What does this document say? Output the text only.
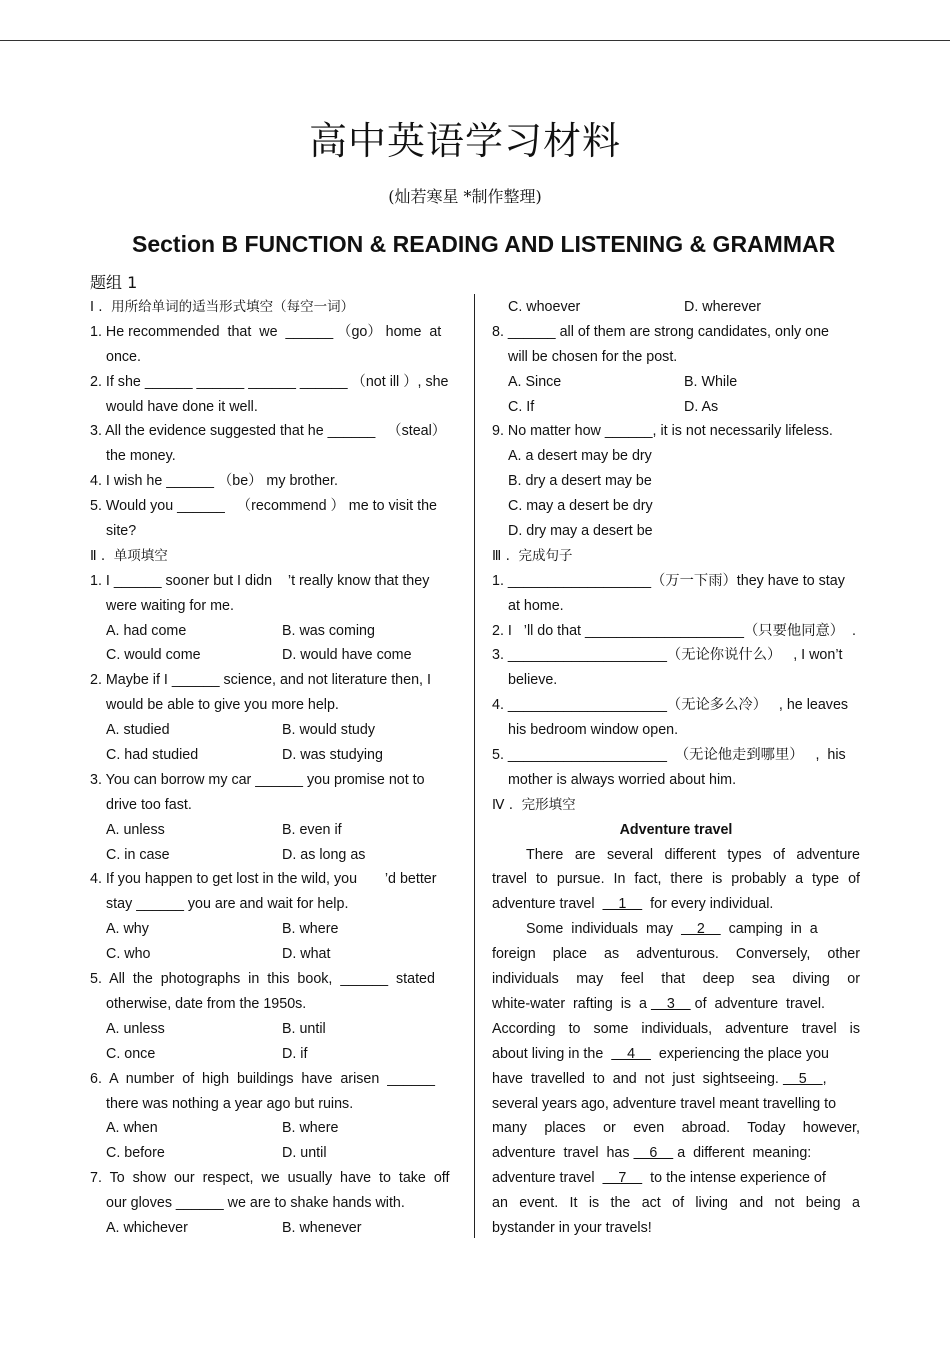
高中英语学习材料
(灿若寒星 *制作整理)
Section B FUNCTION & READING AND LISTENING & GRAMMAR
题组 1
Ⅰ .  用所给单词的适当形式填空（每空一词）
1. He recommended  that  we  ______ （go） home  at
once.
2. If she ______ ______ ______ ______ （not ill ）, she
would have done it well.
3. All the evidence suggested that he ______   （steal）
the money.
4. I wish he ______ （be） my brother.
5. Would you ______   （recommend ） me to visit the
site?
Ⅱ .  单项填空
1. I ______ sooner but I didn    ’t really know that they
were waiting for me.
A. had come	B. was coming
C. would come	D. would have come
2. Maybe if I ______ science, and not literature then, I
would be able to give you more help.
A. studied	B. would study
C. had studied	D. was studying
3. You can borrow my car ______ you promise not to
drive too fast.
A. unless	B. even if
C. in case	D. as long as
4. If you happen to get lost in the wild, you       ’d better
stay ______ you are and wait for help.
A. why	B. where
C. who	D. what
5.  All  the  photographs  in  this  book,  ______  stated
otherwise, date from the 1950s.
A. unless	B. until
C. once	D. if
6.  A  number  of  high  buildings  have  arisen  ______
there was nothing a year ago but ruins.
A. when	B. where
C. before	D. until
7.  To  show  our  respect,  we  usually  have  to  take  off
our gloves ______ we are to shake hands with.
A. whichever	B. whenever
C. whoever	D. wherever
8. ______ all of them are strong candidates, only one
will be chosen for the post.
A. Since	B. While
C. If	D. As
9. No matter how ______, it is not necessarily lifeless.
A. a desert may be dry
B. dry a desert may be
C. may a desert be dry
D. dry may a desert be
Ⅲ .  完成句子
1. __________________（万一下雨）they have to stay
at home.
2. I   ’ll do that ____________________（只要他同意）  .
3. ____________________（无论你说什么）   , I won’t
believe.
4. ____________________（无论多么冷）   , he leaves
his bedroom window open.
5. ____________________  （无论他走到哪里）   ,  his
mother is always worried about him.
Ⅳ .  完形填空
Adventure travel
There are several different types of adventure
travel to pursue. In fact, there is probably a type of
adventure travel      1      for every individual.
Some  individuals  may      2      camping  in  a
foreign place as adventurous. Conversely, other
individuals may feel that deep sea diving or
white-water  rafting  is  a     3     of  adventure  travel.
According to some individuals, adventure travel is
about living in the      4      experiencing the place you
have  travelled  to  and  not  just  sightseeing.     5    ,
several years ago, adventure travel meant travelling to
many places or even abroad. Today however,
adventure  travel  has     6     a  different  meaning:
adventure travel      7      to the intense experience of
an event. It is the act of living and not being a
bystander in your travels!
